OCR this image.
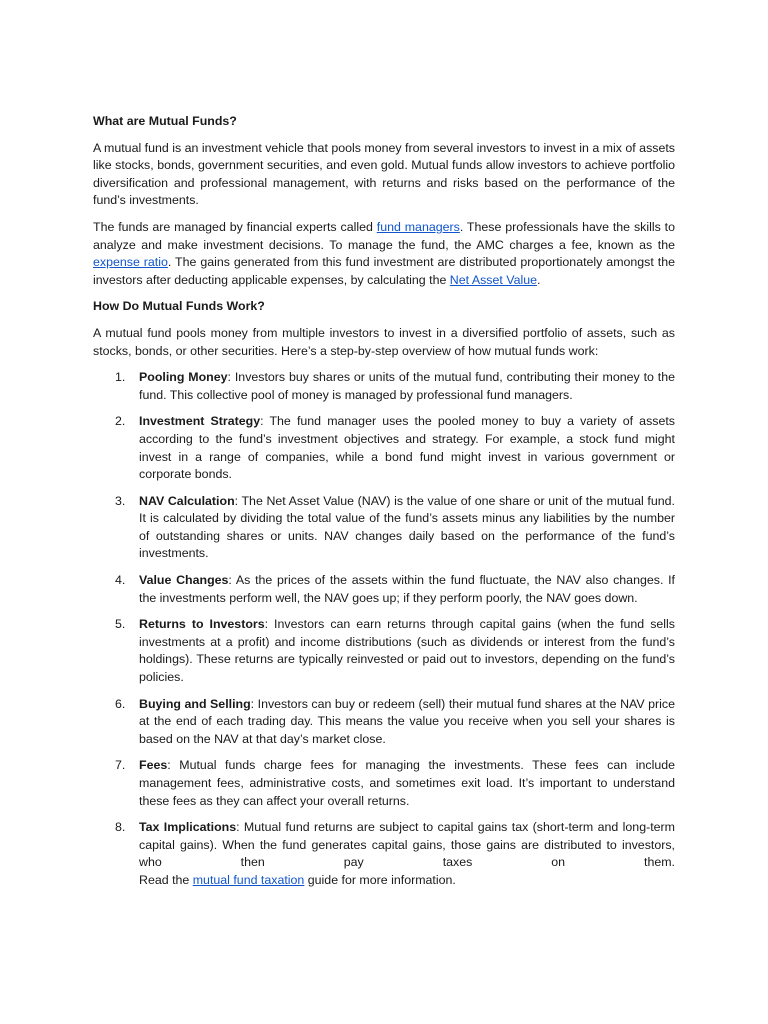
What are Mutual Funds?

A mutual fund is an investment vehicle that pools money from several investors to invest in a mix of assets like stocks, bonds, government securities, and even gold. Mutual funds allow investors to achieve portfolio diversification and professional management, with returns and risks based on the performance of the fund’s investments.

The funds are managed by financial experts called fund managers. These professionals have the skills to analyze and make investment decisions. To manage the fund, the AMC charges a fee, known as the expense ratio. The gains generated from this fund investment are distributed proportionately amongst the investors after deducting applicable expenses, by calculating the Net Asset Value.

How Do Mutual Funds Work?

A mutual fund pools money from multiple investors to invest in a diversified portfolio of assets, such as stocks, bonds, or other securities. Here’s a step-by-step overview of how mutual funds work:

1. Pooling Money: Investors buy shares or units of the mutual fund, contributing their money to the fund. This collective pool of money is managed by professional fund managers.
2. Investment Strategy: The fund manager uses the pooled money to buy a variety of assets according to the fund’s investment objectives and strategy. For example, a stock fund might invest in a range of companies, while a bond fund might invest in various government or corporate bonds.
3. NAV Calculation: The Net Asset Value (NAV) is the value of one share or unit of the mutual fund. It is calculated by dividing the total value of the fund’s assets minus any liabilities by the number of outstanding shares or units. NAV changes daily based on the performance of the fund’s investments.
4. Value Changes: As the prices of the assets within the fund fluctuate, the NAV also changes. If the investments perform well, the NAV goes up; if they perform poorly, the NAV goes down.
5. Returns to Investors: Investors can earn returns through capital gains (when the fund sells investments at a profit) and income distributions (such as dividends or interest from the fund’s holdings). These returns are typically reinvested or paid out to investors, depending on the fund’s policies.
6. Buying and Selling: Investors can buy or redeem (sell) their mutual fund shares at the NAV price at the end of each trading day. This means the value you receive when you sell your shares is based on the NAV at that day’s market close.
7. Fees: Mutual funds charge fees for managing the investments. These fees can include management fees, administrative costs, and sometimes exit load. It’s important to understand these fees as they can affect your overall returns.
8. Tax Implications: Mutual fund returns are subject to capital gains tax (short-term and long-term capital gains). When the fund generates capital gains, those gains are distributed to investors, who then pay taxes on them.
Read the mutual fund taxation guide for more information.
